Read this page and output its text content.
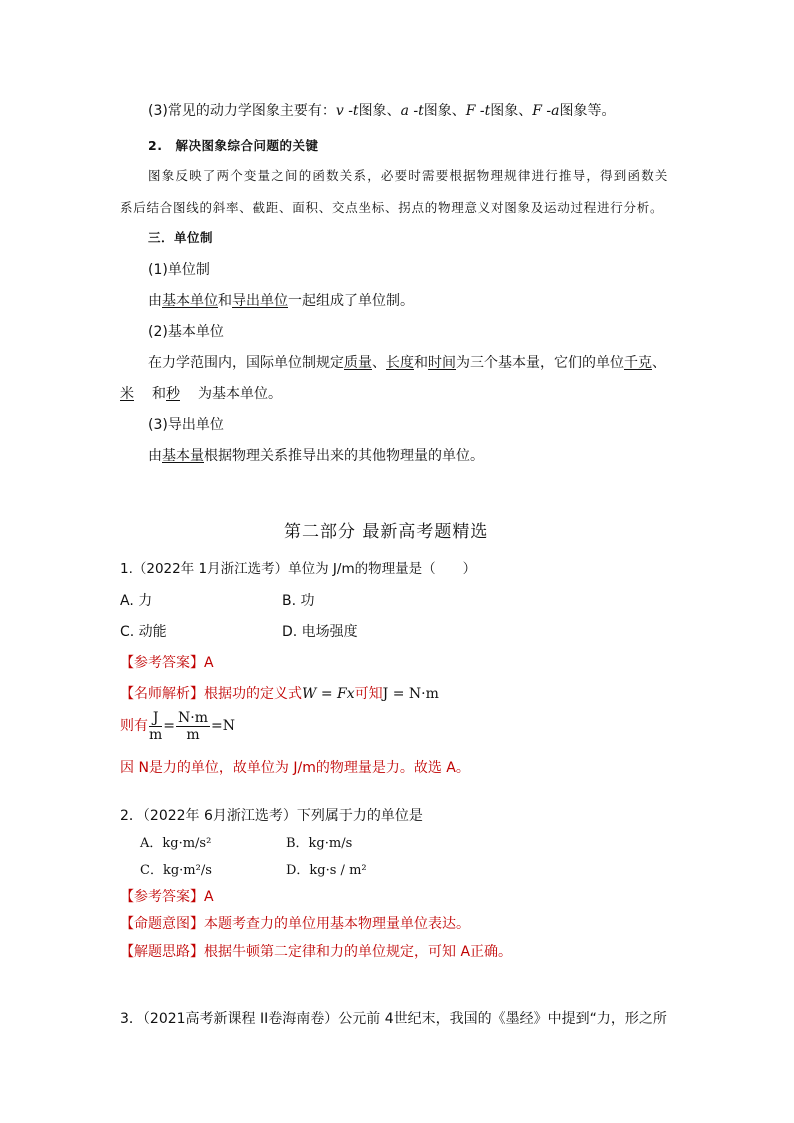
(3)常见的动力学图象主要有：v -t图象、a -t图象、F -t图象、F -a图象等。
2.　解决图象综合问题的关键
图象反映了两个变量之间的函数关系，必要时需要根据物理规律进行推导，得到函数关
系后结合图线的斜率、截距、面积、交点坐标、拐点的物理意义对图象及运动过程进行分析。
三．单位制
(1)单位制
由基本单位和导出单位一起组成了单位制。
(2)基本单位
在力学范围内，国际单位制规定质量、长度和时间为三个基本量，它们的单位千克、
米 和秒 为基本单位。
(3)导出单位
由基本量根据物理关系推导出来的其他物理量的单位。
第二部分 最新高考题精选
1.（2022年 1月浙江选考）单位为 J/m的物理量是（　　）
A. 力	B. 功
C. 动能	D. 电场强度
【参考答案】A
【名师解析】根据功的定义式W = Fx可知J = N·m
则有 $\frac{J}{m} = \frac{N\cdot m}{m} =N$
因 N是力的单位，故单位为 J/m的物理量是力。故选 A。
2．（2022年 6月浙江选考）下列属于力的单位是
A．kg·m/s²	B．kg·m/s
C．kg·m²/s	D．kg·s / m²
【参考答案】A
【命题意图】本题考查力的单位用基本物理量单位表达。
【解题思路】根据牛顿第二定律和力的单位规定，可知 A正确。
3．（2021高考新课程 II卷海南卷）公元前 4世纪末，我国的《墨经》中提到“力，形之所
